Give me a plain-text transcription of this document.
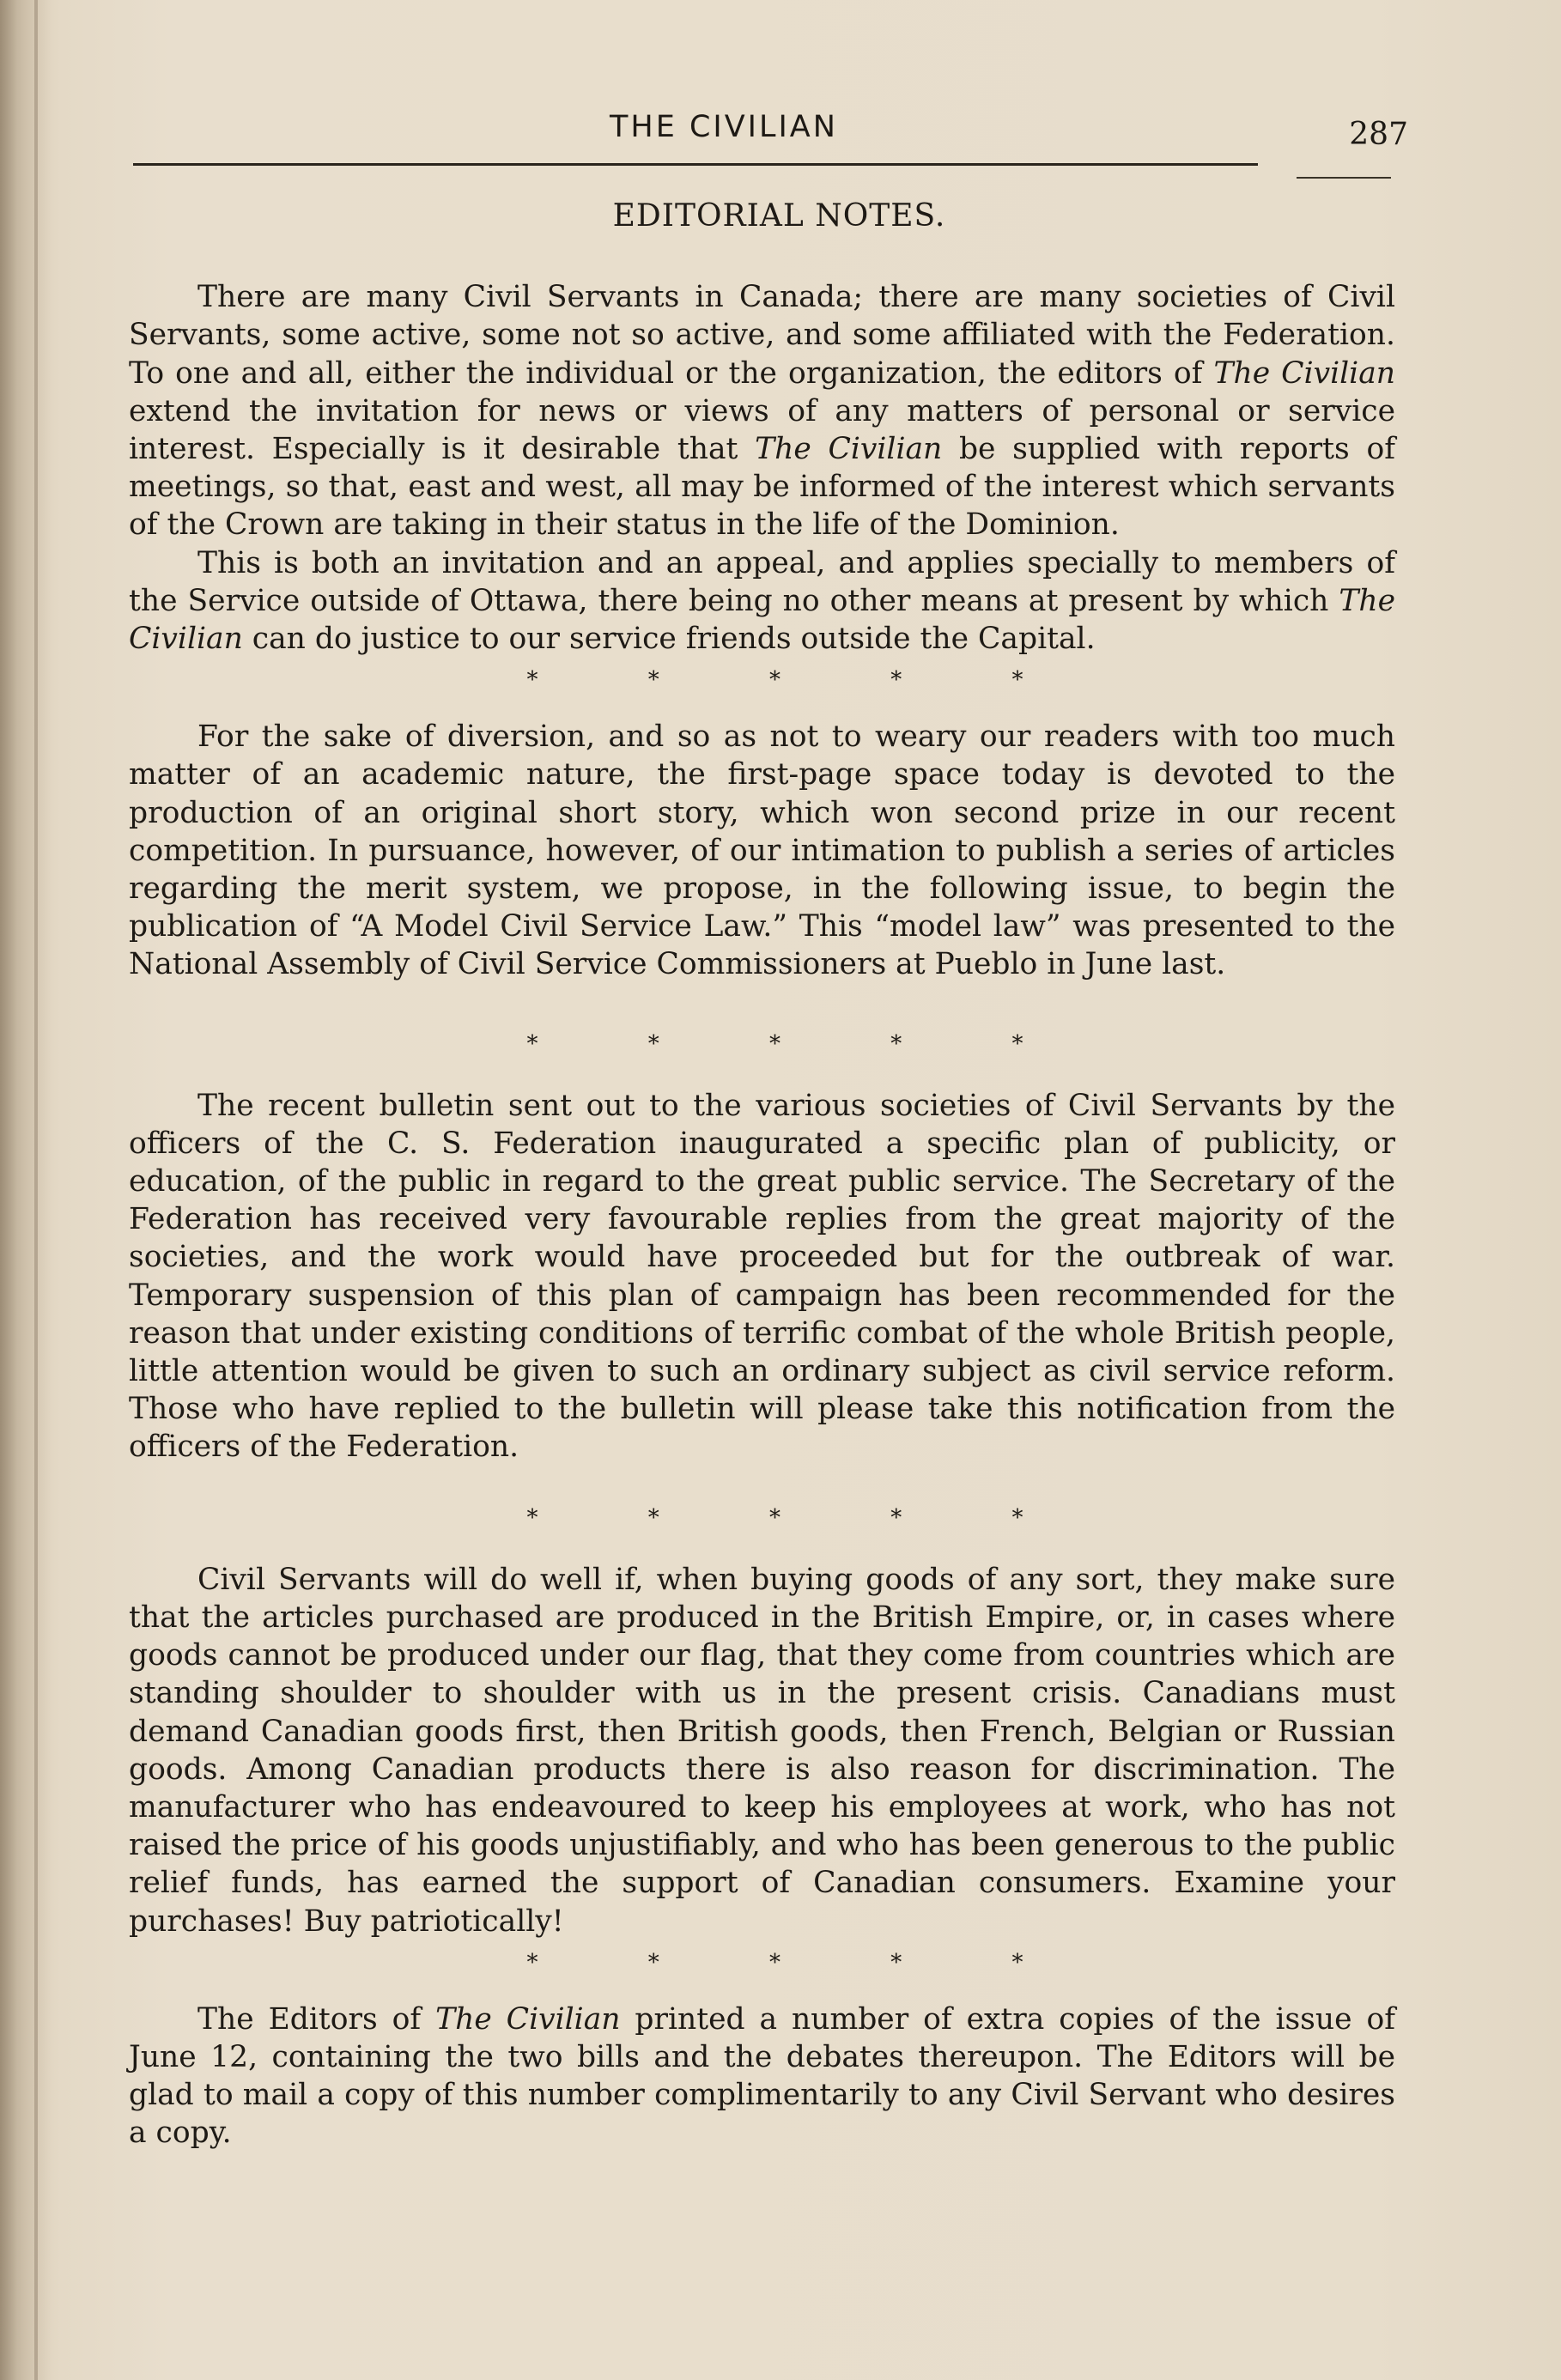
THE CIVILIAN	287
EDITORIAL NOTES.

There are many Civil Servants in Canada; there are many societies of Civil Servants, some active, some not so active, and some affiliated with the Federation. To one and all, either the individual or the organization, the editors of The Civilian extend the invitation for news or views of any matters of personal or service interest. Especially is it desirable that The Civilian be supplied with reports of meetings, so that, east and west, all may be informed of the interest which servants of the Crown are taking in their status in the life of the Dominion.

This is both an invitation and an appeal, and applies specially to members of the Service outside of Ottawa, there being no other means at present by which The Civilian can do justice to our service friends outside the Capital.

* * * * *

For the sake of diversion, and so as not to weary our readers with too much matter of an academic nature, the first-page space today is devoted to the production of an original short story, which won second prize in our recent competition. In pursuance, however, of our intimation to publish a series of articles regarding the merit system, we propose, in the following issue, to begin the publication of “A Model Civil Service Law.” This “model law” was presented to the National Assembly of Civil Service Commissioners at Pueblo in June last.

* * * * *

The recent bulletin sent out to the various societies of Civil Servants by the officers of the C. S. Federation inaugurated a specific plan of publicity, or education, of the public in regard to the great public service. The Secretary of the Federation has received very favourable replies from the great majority of the societies, and the work would have proceeded but for the outbreak of war. Temporary suspension of this plan of campaign has been recommended for the reason that under existing conditions of terrific combat of the whole British people, little attention would be given to such an ordinary subject as civil service reform. Those who have replied to the bulletin will please take this notification from the officers of the Federation.

* * * * *

Civil Servants will do well if, when buying goods of any sort, they make sure that the articles purchased are produced in the British Empire, or, in cases where goods cannot be produced under our flag, that they come from countries which are standing shoulder to shoulder with us in the present crisis. Canadians must demand Canadian goods first, then British goods, then French, Belgian or Russian goods. Among Canadian products there is also reason for discrimination. The manufacturer who has endeavoured to keep his employees at work, who has not raised the price of his goods unjustifiably, and who has been generous to the public relief funds, has earned the support of Canadian consumers. Examine your purchases! Buy patriotically!

* * * * *

The Editors of The Civilian printed a number of extra copies of the issue of June 12, containing the two bills and the debates thereupon. The Editors will be glad to mail a copy of this number complimentarily to any Civil Servant who desires a copy.
